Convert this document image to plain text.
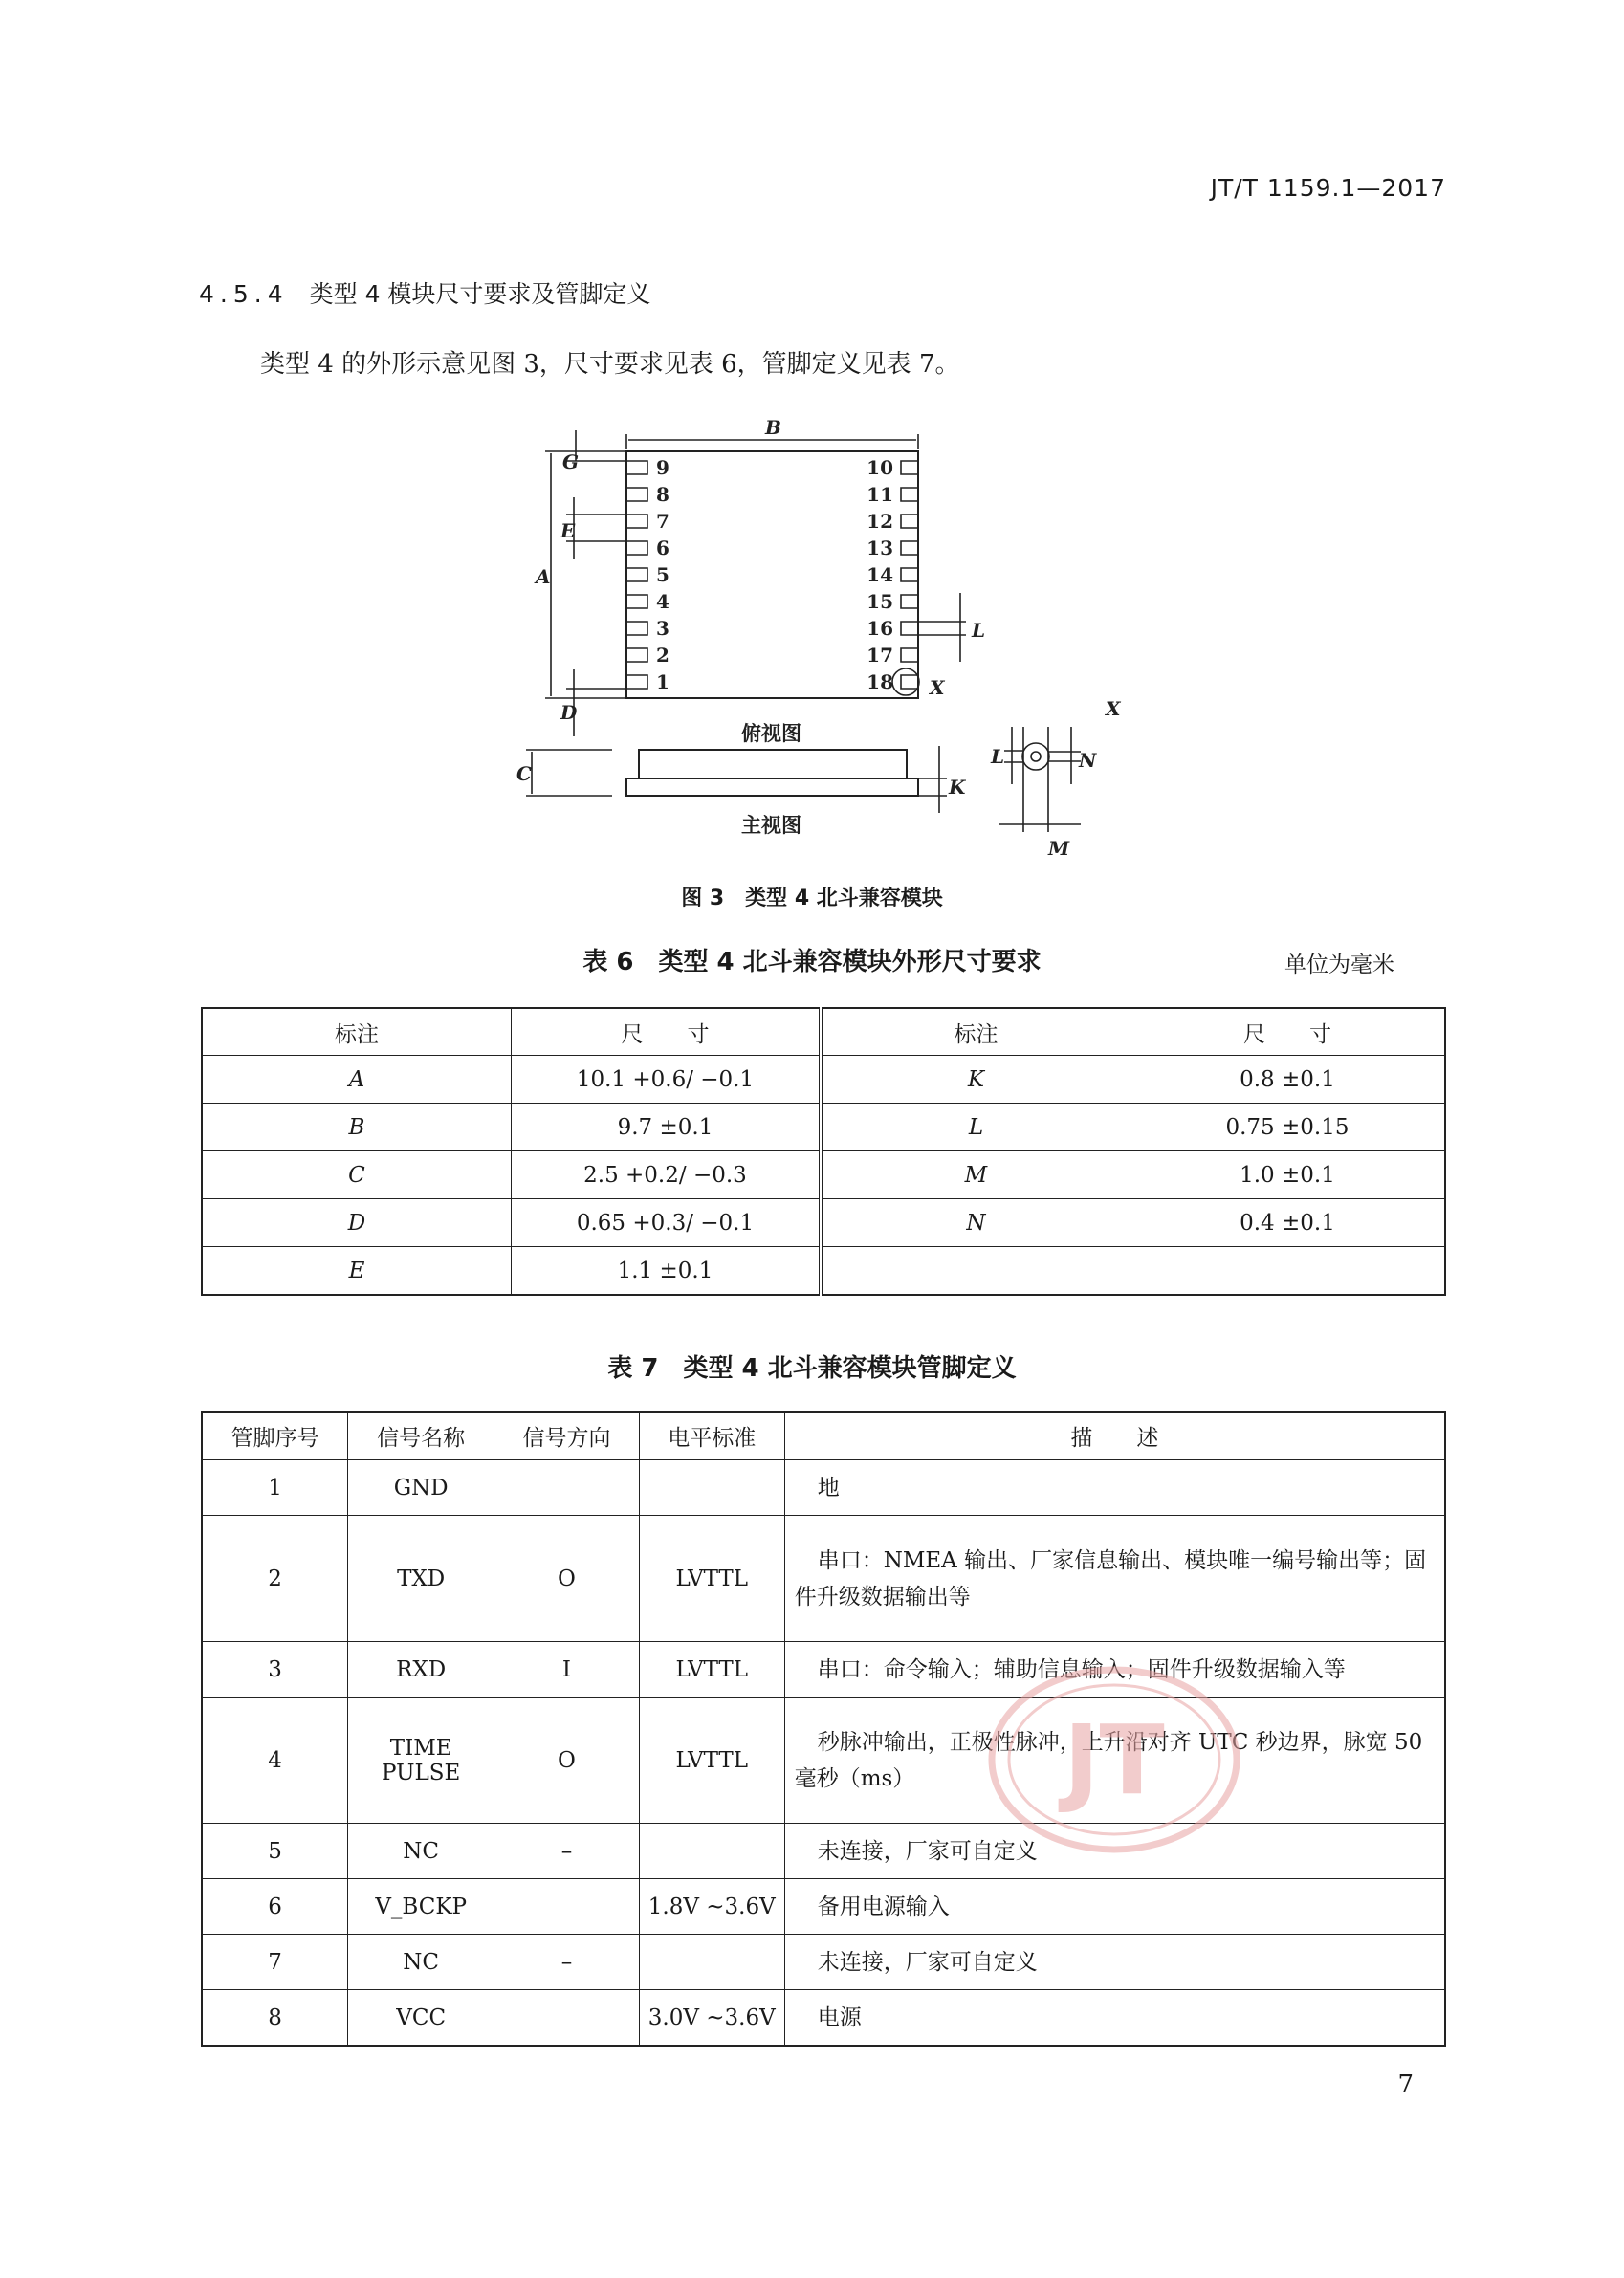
JT/T 1159.1—2017
4.5.4 类型 4 模块尺寸要求及管脚定义
类型 4 的外形示意见图 3，尺寸要求见表 6，管脚定义见表 7。
B
9
8
7
6
5
4
3
2
1
10
11
12
13
14
15
16
17
18
A
G
E
D
L
X
俯视图
C
K
主视图
L	N
X
M
图 3 类型 4 北斗兼容模块
表 6 类型 4 北斗兼容模块外形尺寸要求	单位为毫米
标注	尺　　寸	标注	尺　　寸
A	10.1 +0.6/ −0.1	K	0.8 ±0.1
B	9.7 ±0.1	L	0.75 ±0.15
C	2.5 +0.2/ −0.3	M	1.0 ±0.1
D	0.65 +0.3/ −0.1	N	0.4 ±0.1
E	1.1 ±0.1		
表 7 类型 4 北斗兼容模块管脚定义
管脚序号	信号名称	信号方向	电平标准	描　　述
1	GND			地
2	TXD	O	LVTTL	串口：NMEA 输出、厂家信息输出、模块唯一编号输出等；固件升级数据输出等
3	RXD	I	LVTTL	串口：命令输入；辅助信息输入；固件升级数据输入等
4	TIME PULSE	O	LVTTL	秒脉冲输出，正极性脉冲，上升沿对齐 UTC 秒边界，脉宽 50 毫秒（ms）
5	NC	–		未连接，厂家可自定义
6	V_BCKP		1.8V ~3.6V	备用电源输入
7	NC	–		未连接，厂家可自定义
8	VCC		3.0V ~3.6V	电源
JT
7
